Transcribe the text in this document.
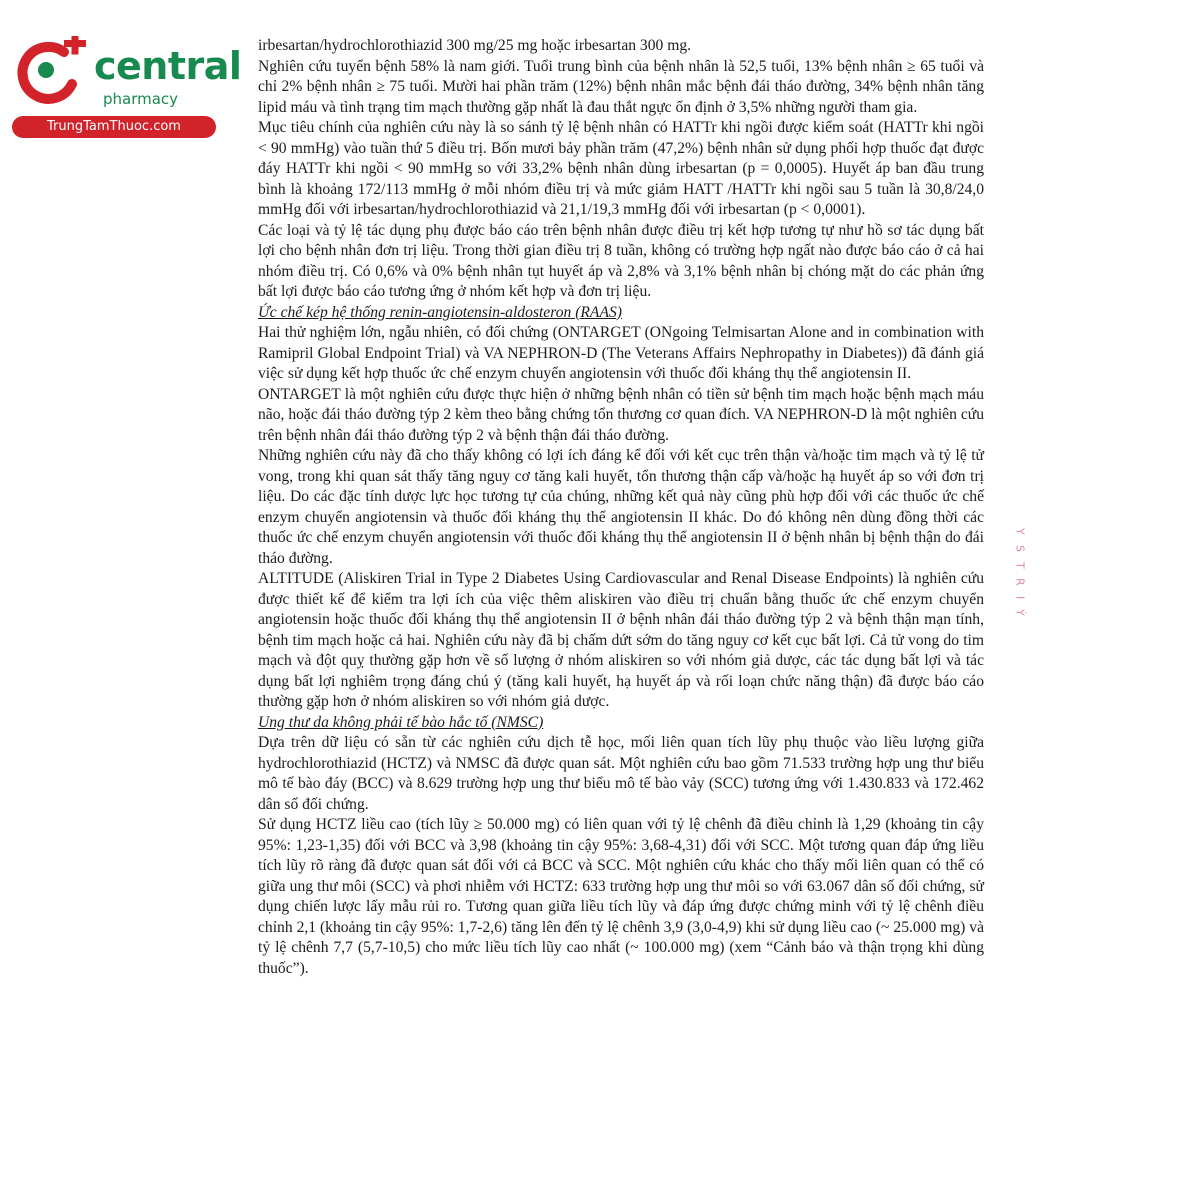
central
pharmacy
TrungTamThuoc.com

irbesartan/hydrochlorothiazid 300 mg/25 mg hoặc irbesartan 300 mg.

Nghiên cứu tuyển bệnh 58% là nam giới. Tuổi trung bình của bệnh nhân là 52,5 tuổi, 13% bệnh nhân ≥ 65 tuổi và chỉ 2% bệnh nhân ≥ 75 tuổi. Mười hai phần trăm (12%) bệnh nhân mắc bệnh đái tháo đường, 34% bệnh nhân tăng lipid máu và tình trạng tim mạch thường gặp nhất là đau thắt ngực ổn định ở 3,5% những người tham gia.

Mục tiêu chính của nghiên cứu này là so sánh tỷ lệ bệnh nhân có HATTr khi ngồi được kiểm soát (HATTr khi ngồi < 90 mmHg) vào tuần thứ 5 điều trị. Bốn mươi bảy phần trăm (47,2%) bệnh nhân sử dụng phối hợp thuốc đạt được đáy HATTr khi ngồi < 90 mmHg so với 33,2% bệnh nhân dùng irbesartan (p = 0,0005). Huyết áp ban đầu trung bình là khoảng 172/113 mmHg ở mỗi nhóm điều trị và mức giảm HATT /HATTr khi ngồi sau 5 tuần là 30,8/24,0 mmHg đối với irbesartan/hydrochlorothiazid và 21,1/19,3 mmHg đối với irbesartan (p < 0,0001).

Các loại và tỷ lệ tác dụng phụ được báo cáo trên bệnh nhân được điều trị kết hợp tương tự như hồ sơ tác dụng bất lợi cho bệnh nhân đơn trị liệu. Trong thời gian điều trị 8 tuần, không có trường hợp ngất nào được báo cáo ở cả hai nhóm điều trị. Có 0,6% và 0% bệnh nhân tụt huyết áp và 2,8% và 3,1% bệnh nhân bị chóng mặt do các phản ứng bất lợi được báo cáo tương ứng ở nhóm kết hợp và đơn trị liệu.

Ức chế kép hệ thống renin-angiotensin-aldosteron (RAAS)

Hai thử nghiệm lớn, ngẫu nhiên, có đối chứng (ONTARGET (ONgoing Telmisartan Alone and in combination with Ramipril Global Endpoint Trial) và VA NEPHRON-D (The Veterans Affairs Nephropathy in Diabetes)) đã đánh giá việc sử dụng kết hợp thuốc ức chế enzym chuyển angiotensin với thuốc đối kháng thụ thể angiotensin II.

ONTARGET là một nghiên cứu được thực hiện ở những bệnh nhân có tiền sử bệnh tim mạch hoặc bệnh mạch máu não, hoặc đái tháo đường týp 2 kèm theo bằng chứng tổn thương cơ quan đích. VA NEPHRON-D là một nghiên cứu trên bệnh nhân đái tháo đường týp 2 và bệnh thận đái tháo đường.

Những nghiên cứu này đã cho thấy không có lợi ích đáng kể đối với kết cục trên thận và/hoặc tim mạch và tỷ lệ tử vong, trong khi quan sát thấy tăng nguy cơ tăng kali huyết, tổn thương thận cấp và/hoặc hạ huyết áp so với đơn trị liệu. Do các đặc tính dược lực học tương tự của chúng, những kết quả này cũng phù hợp đối với các thuốc ức chế enzym chuyển angiotensin và thuốc đối kháng thụ thể angiotensin II khác. Do đó không nên dùng đồng thời các thuốc ức chế enzym chuyển angiotensin với thuốc đối kháng thụ thể angiotensin II ở bệnh nhân bị bệnh thận do đái tháo đường.

ALTITUDE (Aliskiren Trial in Type 2 Diabetes Using Cardiovascular and Renal Disease Endpoints) là nghiên cứu được thiết kế để kiểm tra lợi ích của việc thêm aliskiren vào điều trị chuẩn bằng thuốc ức chế enzym chuyển angiotensin hoặc thuốc đối kháng thụ thể angiotensin II ở bệnh nhân đái tháo đường týp 2 và bệnh thận mạn tính, bệnh tim mạch hoặc cả hai. Nghiên cứu này đã bị chấm dứt sớm do tăng nguy cơ kết cục bất lợi. Cả tử vong do tim mạch và đột quỵ thường gặp hơn về số lượng ở nhóm aliskiren so với nhóm giả dược, các tác dụng bất lợi và tác dụng bất lợi nghiêm trọng đáng chú ý (tăng kali huyết, hạ huyết áp và rối loạn chức năng thận) đã được báo cáo thường gặp hơn ở nhóm aliskiren so với nhóm giả dược.

Ung thư da không phải tế bào hắc tố (NMSC)

Dựa trên dữ liệu có sẵn từ các nghiên cứu dịch tễ học, mối liên quan tích lũy phụ thuộc vào liều lượng giữa hydrochlorothiazid (HCTZ) và NMSC đã được quan sát. Một nghiên cứu bao gồm 71.533 trường hợp ung thư biểu mô tế bào đáy (BCC) và 8.629 trường hợp ung thư biểu mô tế bào vảy (SCC) tương ứng với 1.430.833 và 172.462 dân số đối chứng.

Sử dụng HCTZ liều cao (tích lũy ≥ 50.000 mg) có liên quan với tỷ lệ chênh đã điều chỉnh là 1,29 (khoảng tin cậy 95%: 1,23-1,35) đối với BCC và 3,98 (khoảng tin cậy 95%: 3,68-4,31) đối với SCC. Một tương quan đáp ứng liều tích lũy rõ ràng đã được quan sát đối với cả BCC và SCC. Một nghiên cứu khác cho thấy mối liên quan có thể có giữa ung thư môi (SCC) và phơi nhiễm với HCTZ: 633 trường hợp ung thư môi so với 63.067 dân số đối chứng, sử dụng chiến lược lấy mẫu rủi ro. Tương quan giữa liều tích lũy và đáp ứng được chứng minh với tỷ lệ chênh điều chỉnh 2,1 (khoảng tin cậy 95%: 1,7-2,6) tăng lên đến tỷ lệ chênh 3,9 (3,0-4,9) khi sử dụng liều cao (~ 25.000 mg) và tỷ lệ chênh 7,7 (5,7-10,5) cho mức liều tích lũy cao nhất (~ 100.000 mg) (xem “Cảnh báo và thận trọng khi dùng thuốc”).

Y
S
T
R
I
Ý
